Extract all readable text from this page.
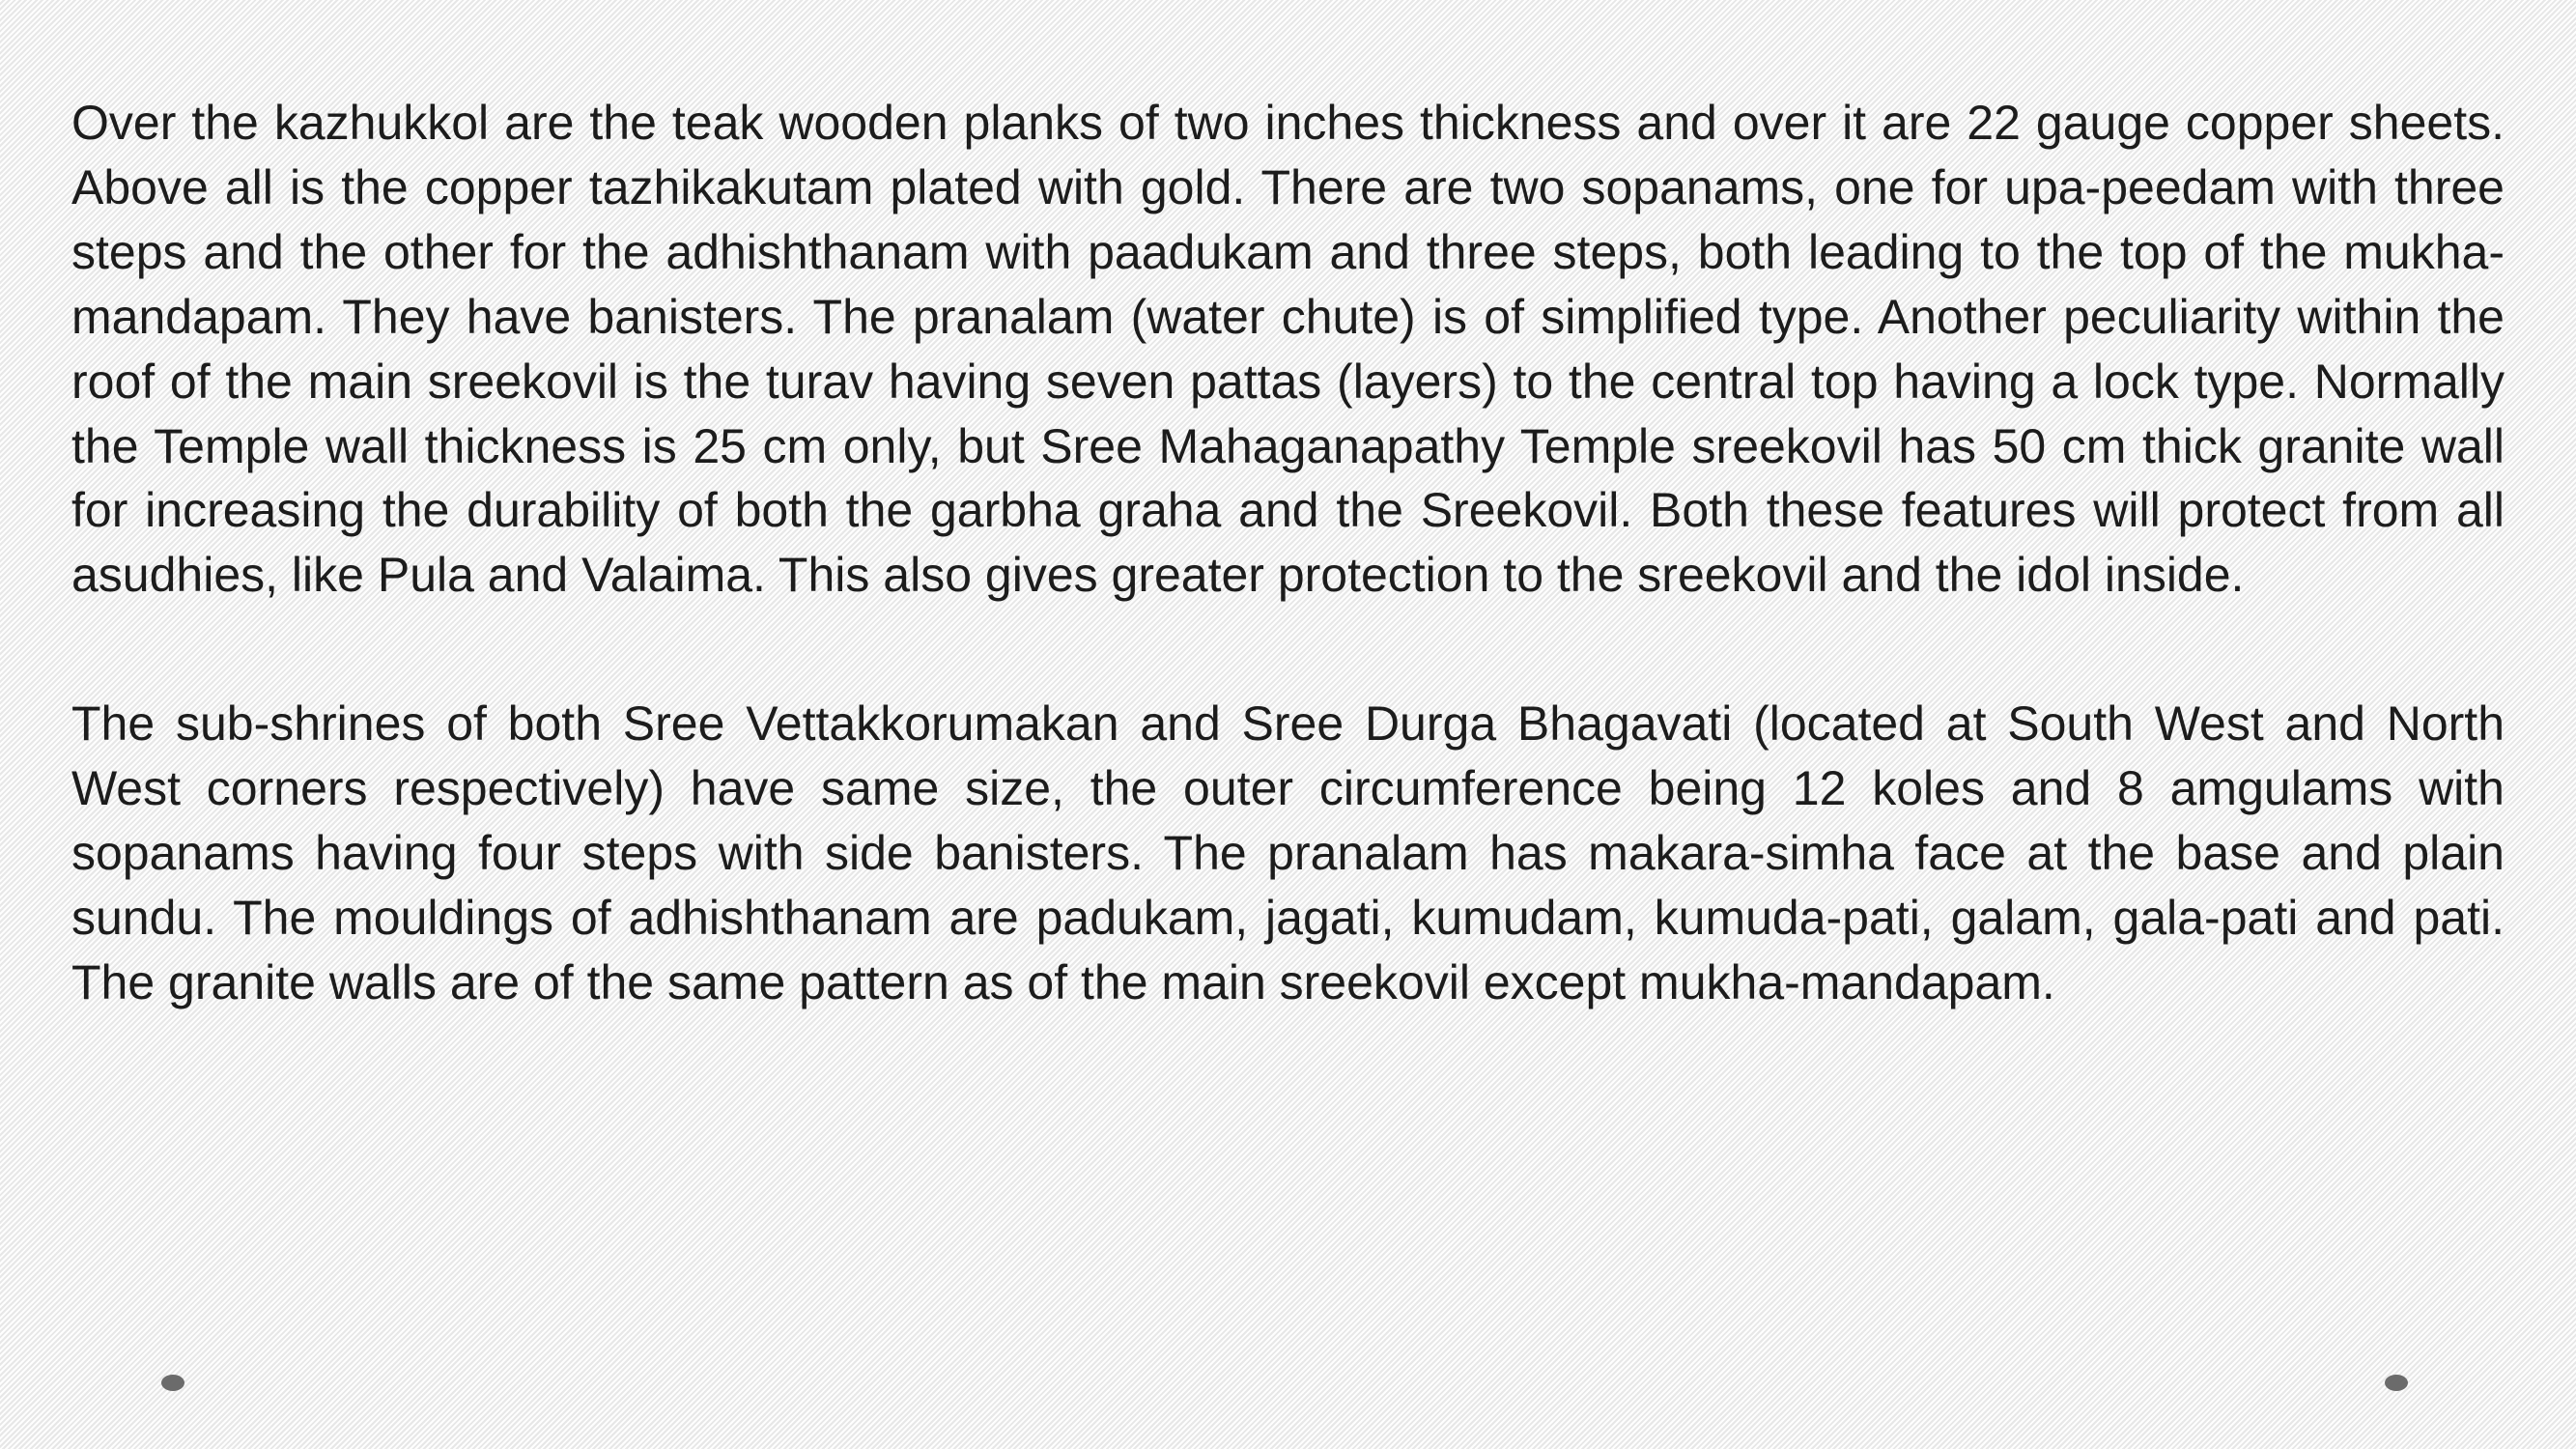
Over the kazhukkol are the teak wooden planks of two inches thickness and over it are 22 gauge copper sheets. Above all is the copper tazhikakutam plated with gold. There are two sopanams, one for upa-peedam with three steps and the other for the adhishthanam with paadukam and three steps, both leading to the top of the mukha-mandapam. They have banisters. The pranalam (water chute) is of simplified type. Another peculiarity within the roof of the main sreekovil is the turav having seven pattas (layers) to the central top having a lock type. Normally the Temple wall thickness is 25 cm only, but Sree Mahaganapathy Temple sreekovil has 50 cm thick granite wall for increasing the durability of both the garbha graha and the Sreekovil. Both these features will protect from all asudhies, like Pula and Valaima. This also gives greater protection to the sreekovil and the idol inside.

The sub-shrines of both Sree Vettakkorumakan and Sree Durga Bhagavati (located at South West and North West corners respectively) have same size, the outer circumference being 12 koles and 8 amgulams with sopanams having four steps with side banisters. The pranalam has makara-simha face at the base and plain sundu. The mouldings of adhishthanam are padukam, jagati, kumudam, kumuda-pati, galam, gala-pati and pati. The granite walls are of the same pattern as of the main sreekovil except mukha-mandapam.
